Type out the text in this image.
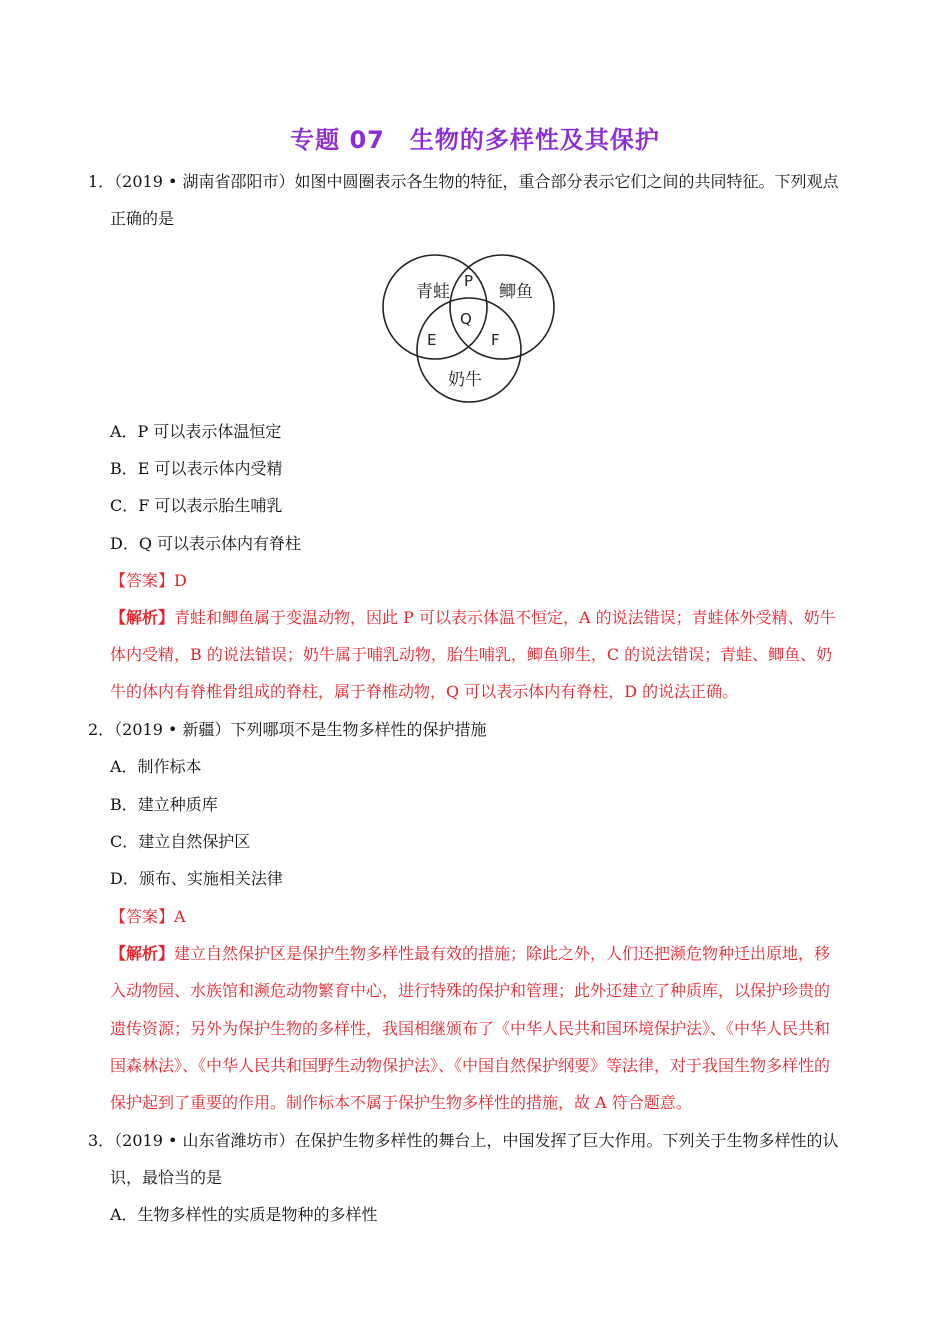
专题 07　生物的多样性及其保护
1．（2019 • 湖南省邵阳市）如图中圆圈表示各生物的特征，重合部分表示它们之间的共同特征。下列观点
正确的是
青蛙	鲫鱼
奶牛
P
Q
E	F
A．P 可以表示体温恒定
B．E 可以表示体内受精
C．F 可以表示胎生哺乳
D．Q 可以表示体内有脊柱
【答案】D
【解析】青蛙和鲫鱼属于变温动物，因此 P 可以表示体温不恒定，A 的说法错误；青蛙体外受精、奶牛
体内受精，B 的说法错误；奶牛属于哺乳动物，胎生哺乳，鲫鱼卵生，C 的说法错误；青蛙、鲫鱼、奶
牛的体内有脊椎骨组成的脊柱，属于脊椎动物，Q 可以表示体内有脊柱，D 的说法正确。
2．（2019 • 新疆）下列哪项不是生物多样性的保护措施
A．制作标本
B．建立种质库
C．建立自然保护区
D．颁布、实施相关法律
【答案】A
【解析】建立自然保护区是保护生物多样性最有效的措施；除此之外，人们还把濒危物种迁出原地，移
入动物园、水族馆和濒危动物繁育中心，进行特殊的保护和管理；此外还建立了种质库，以保护珍贵的
遗传资源；另外为保护生物的多样性，我国相继颁布了《中华人民共和国环境保护法》、《中华人民共和
国森林法》、《中华人民共和国野生动物保护法》、《中国自然保护纲要》等法律，对于我国生物多样性的
保护起到了重要的作用。制作标本不属于保护生物多样性的措施，故 A 符合题意。
3．（2019 • 山东省潍坊市）在保护生物多样性的舞台上，中国发挥了巨大作用。下列关于生物多样性的认
识，最恰当的是
A．生物多样性的实质是物种的多样性
